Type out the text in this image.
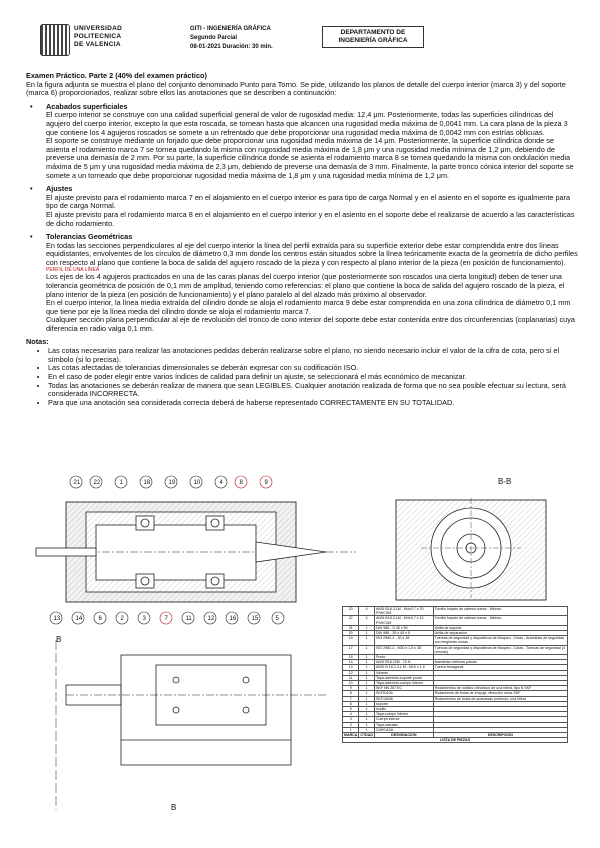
UNIVERSIDAD
POLITECNICA
DE VALENCIA
GITI - INGENIERÍA GRÁFICA
Segundo Parcial
08-01-2021 Duración: 30 min.
DEPARTAMENTO DE
INGENIERÍA GRÁFICA

Examen Práctico. Parte 2 (40% del examen práctico)

En la figura adjunta se muestra el plano del conjunto denominado Punto para Torno. Se pide, utilizando los planos de detalle del cuerpo interior (marca 3) y del soporte (marca 6) proporcionados, realizar sobre ellos las anotaciones que se describen a continuación:

• Acabados superficiales

El cuerpo interior se construye con una calidad superficial general de valor de rugosidad media: 12,4 μm. Posteriormente, todas las superficies cilíndricas del agujero del cuerpo interior, excepto la que esta roscada, se tornean hasta que alcancen una rugosidad media máxima de 0,0041 mm. La cara plana de la pieza 3 que contiene los 4 agujeros roscados se somete a un refrentado que debe proporcionar una rugosidad media máxima de 0,0042 mm con estrías oblicuas.

El soporte se construye mediante un forjado que debe proporcionar una rugosidad media máxima de 14 μm. Posteriormente, la superficie cilíndrica donde se asienta el rodamiento marca 7 se tornea quedando la misma con rugosidad media máxima de 1,8 μm y una rugosidad media mínima de 1,2 μm, debiendo de preverse una demasía de 2 mm. Por su parte, la superficie cilíndrica donde se asienta el rodamiento marca 8 se tornea quedando la misma con ondulación media máxima de 5 μm y una rugosidad media máxima de 2,3 μm, debiendo de preverse una demasía de 3 mm. Finalmente, la parte tronco cónica interior del soporte se somete a un torneado que debe proporcionar rugosidad media máxima de 1,8 μm y una rugosidad media mínima de 1,2 μm.

• Ajustes

El ajuste previsto para el rodamiento marca 7 en el alojamiento en el cuerpo interior es para tipo de carga Normal y en el asiento en el soporte es igualmente para tipo de carga Normal.

El ajuste previsto para el rodamiento marca 8 en el alojamiento en el cuerpo interior y en el asiento en el soporte debe el realizarse de acuerdo a las características de dicho rodamiento.

• Tolerancias Geométricas

En todas las secciones perpendiculares al eje del cuerpo interior la línea del perfil extraída para su superficie exterior debe estar comprendida entre dos líneas equidistantes, envolventes de los círculos de diámetro 0,3 mm donde los centros están situados sobre la línea teóricamente exacta de la geometría de dicho perfiles con respecto al plano que contiene la boca de salida del agujero roscado de la pieza y con respecto al plano interior de la pieza (en posición de funcionamiento).

PERFIL DE UNA LÍNEA

Los ejes de los 4 agujeros practicados en una de las caras planas del cuerpo interior (que posteriormente son roscados una cierta longitud) deben de tener una tolerancia geométrica de posición de 0,1 mm de amplitud, teniendo como referencias: el plano que contiene la boca de salida del agujero roscado de la pieza, el plano interior de la pieza (en posición de funcionamiento) y el plano paralelo al del alzado más próximo al observador.

En el cuerpo interior, la línea media extraída del cilindro donde se aloja el rodamiento marca 9 debe estar comprendida en una zona cilíndrica de diámetro 0,1 mm que tiene por eje la línea media del cilindro donde se aloja el rodamiento marca 7.

Cualquier sección plana perpendicular al eje de revolución del tronco de cono interior del soporte debe estar contenida entre dos circunferencias (coplanarias) cuya diferencia en radio valga 0,1 mm.

Notas:
• Las cotas necesarias para realizar las anotaciones pedidas deberán realizarse sobre el plano, no siendo necesario incluir el valor de la cifra de cota, pero si el símbolo (si lo precisa).
• Las cotas afectadas de tolerancias dimensionales se deberán expresar con su codificación ISO.
• En el caso de poder elegir entre varios índices de calidad para definir un ajuste, se seleccionará el más económico de mecanizar.
• Todas las anotaciones se deberán realizar de manera que sean LEGIBLES. Cualquier anotación realizada de forma que no sea posible efectuar su lectura, será considerada INCORRECTA.
• Para que una anotación sea considerada correcta deberá de haberse representado CORRECTAMENTE EN SU TOTALIDAD.
21 22	1	18	19	10	4	8	9
13	14	6	2	3	7	11	12	16	15	5
B-B
B
B
23	4	ANSI B18.3.1M - M4x0,7 x 20, PSHCSM	Tornillo forjado de cabeza hueca - Métrico
22	4	ANSI B18.3.1M - M4x0,7 x 12, PSHCSM	Tornillo forjado de cabeza hueca - Métrico
21	1	DIN 988 - S 45 x 55	Anilla de soporte
20	1	DIN 988 - 35 x 45 x 5	Anilla de separación
19	1	ISO 2982-2 - 30 x 38	Tuercas de seguridad y dispositivos de bloqueo - Cotas - Arandelas de seguridad con lengüetas rectas
17	1	ISO 2982-2 - M30 x 1,5 x 38	Tuercas de seguridad y dispositivos de bloqueo - Cotas - Tuercas de seguridad (4 renuras)
15	1	Punto	
14	1	ANSI B18.22M - 10 N	arandelas métricas planas
13	1	ANSI B 18.2.4.1 M - M10 x 1,5	Tuerca hexagonal
12	1	Volante	
11	1	Tapa-laberinto-soporte punto	
10	1	Tapa-laberinto-cuerpo interior	
9	1	SKF NN 287 EC	Rodamientos de rodillos cilíndricos de una hilera, tipo N SKF
8	1	SKF51106	Rodamiento de bolas de empuje, dirección única SKF
7	1	SKF16006	Rodamientos de bolas de acanalado profundo, una hilera
6	1	soporte	
5	1	husillo	
4	1	Tapa-cuerpo interior	
3	1	Cuerpo interior	
2	1	Tapa-carcasa	
1	1	CARCASA	
MARCA	CTDAD	DESIGNACION	DESCRIPCIÓN
LISTA DE PIEZAS			
